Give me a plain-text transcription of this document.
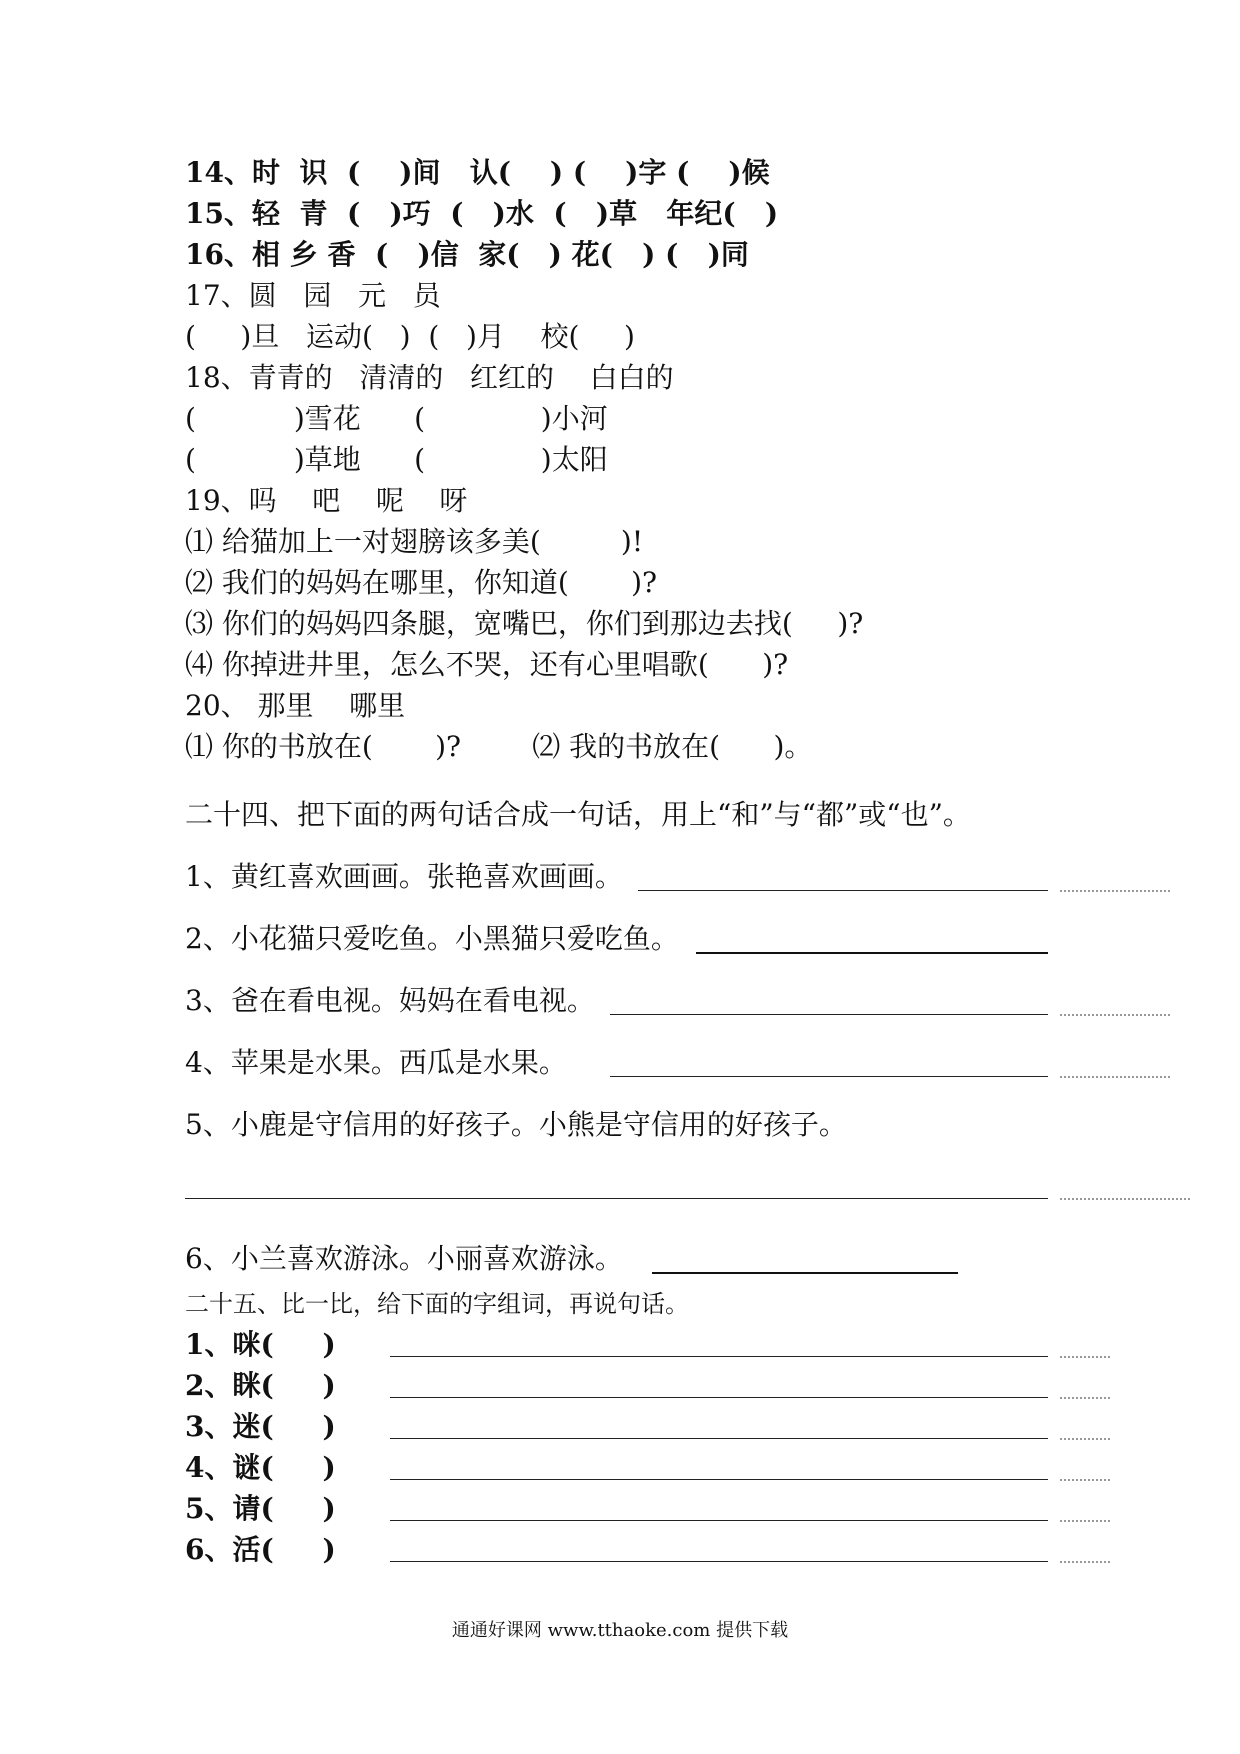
14、时  识  (    )间   认(    ) (    )字 (    )候
15、轻  青  (   )巧  (   )水  (   )草   年纪(   )
16、相 乡 香  (   )信  家(   ) 花(   ) (   )同
17、圆   园   元   员
(     )旦   运动(   )  (   )月    校(     )
18、青青的   清清的   红红的    白白的
(           )雪花      (             )小河
(           )草地      (             )太阳
19、吗    吧    呢    呀
⑴ 给猫加上一对翅膀该多美(         )!
⑵ 我们的妈妈在哪里，你知道(       )?
⑶ 你们的妈妈四条腿，宽嘴巴，你们到那边去找(     )?
⑷ 你掉进井里，怎么不哭，还有心里唱歌(      )?
20、 那里    哪里
⑴ 你的书放在(       )?        ⑵ 我的书放在(      )。
二十四、把下面的两句话合成一句话，用上“和”与“都”或“也”。
1、黄红喜欢画画。张艳喜欢画画。
2、小花猫只爱吃鱼。小黑猫只爱吃鱼。
3、爸在看电视。妈妈在看电视。
4、苹果是水果。西瓜是水果。
5、小鹿是守信用的好孩子。小熊是守信用的好孩子。
6、小兰喜欢游泳。小丽喜欢游泳。
二十五、比一比，给下面的字组词，再说句话。
1、咪(     )
2、眯(     )
3、迷(     )
4、谜(     )
5、请(     )
6、活(     )
通通好课网 www.tthaoke.com 提供下载
